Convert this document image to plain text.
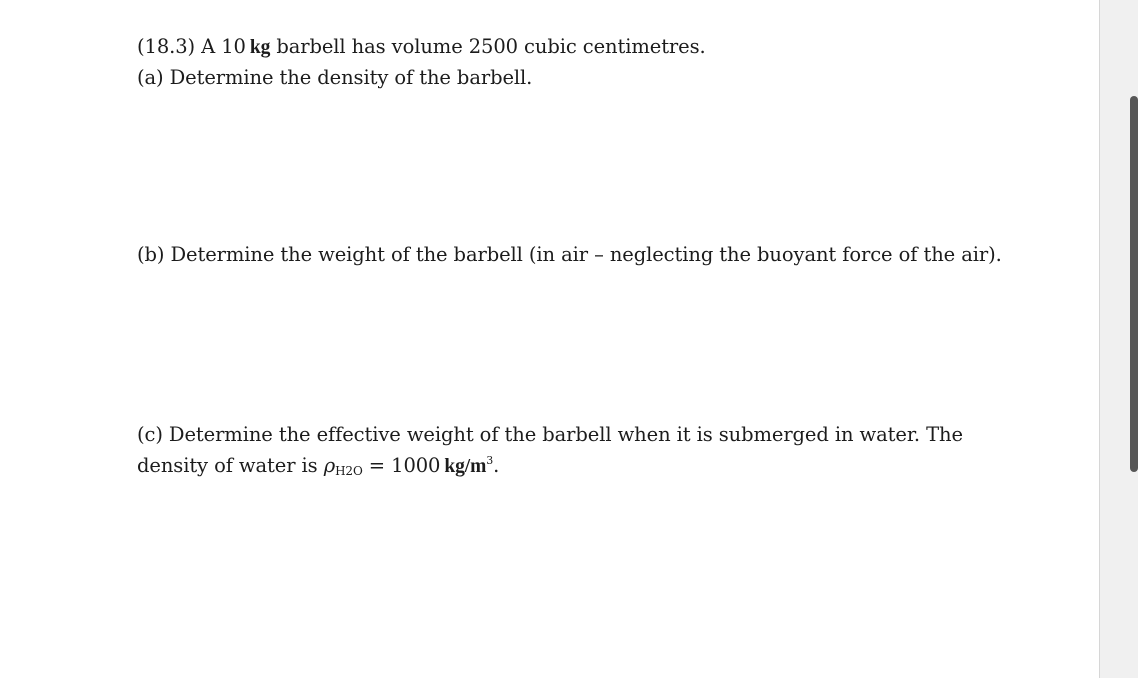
(18.3) A 10 kg barbell has volume 2500 cubic centimetres.
(a) Determine the density of the barbell.
(b) Determine the weight of the barbell (in air – neglecting the buoyant force of the air).
(c) Determine the effective weight of the barbell when it is submerged in water. The
density of water is $\rho_{H2O} = 1000$ $kg/m^3$.
